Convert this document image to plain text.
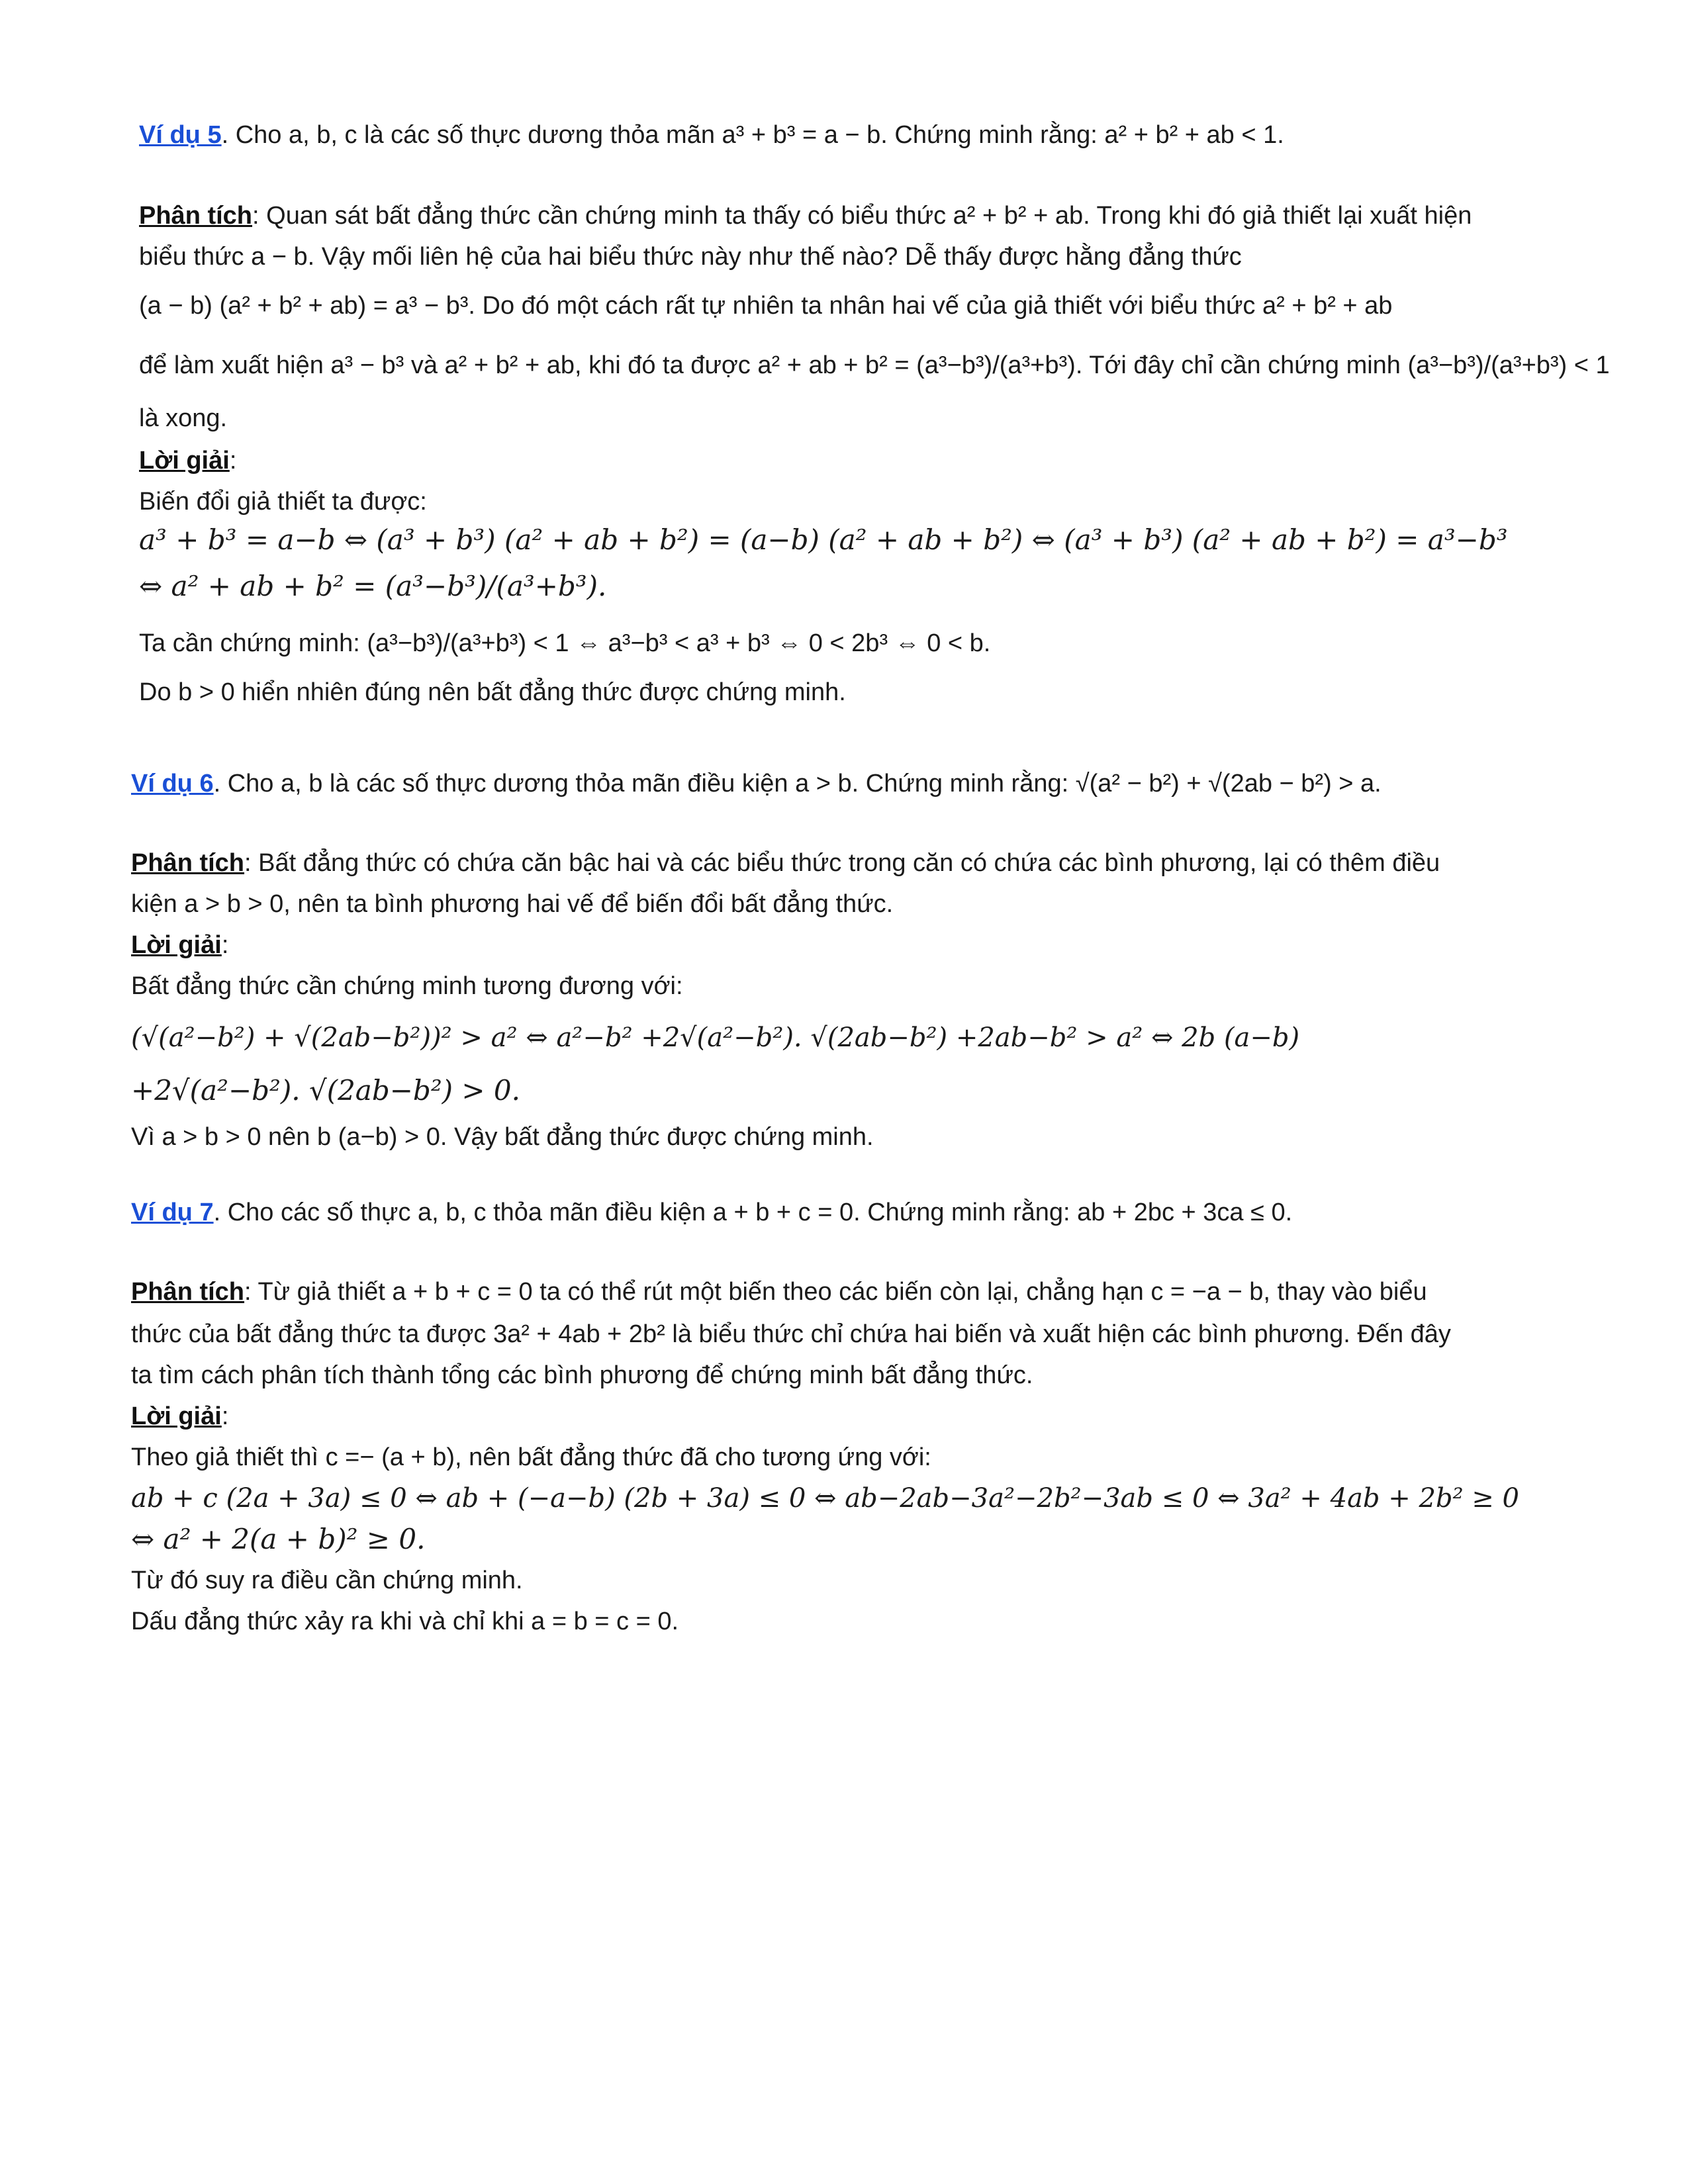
Ví dụ 5. Cho a, b, c là các số thực dương thỏa mãn a³ + b³ = a − b. Chứng minh rằng: a² + b² + ab < 1.
Phân tích: Quan sát bất đẳng thức cần chứng minh ta thấy có biểu thức a² + b² + ab. Trong khi đó giả thiết lại xuất hiện
biểu thức a − b. Vậy mối liên hệ của hai biểu thức này như thế nào? Dễ thấy được hằng đẳng thức
(a − b) (a² + b² + ab) = a³ − b³. Do đó một cách rất tự nhiên ta nhân hai vế của giả thiết với biểu thức a² + b² + ab
để làm xuất hiện a³ − b³ và a² + b² + ab, khi đó ta được a² + ab + b² = (a³−b³)/(a³+b³). Tới đây chỉ cần chứng minh (a³−b³)/(a³+b³) < 1
là xong.
Lời giải:
Biến đổi giả thiết ta được:
a³ + b³ = a−b ⇔ (a³ + b³) (a² + ab + b²) = (a−b) (a² + ab + b²) ⇔ (a³ + b³) (a² + ab + b²) = a³−b³
⇔ a² + ab + b² = (a³−b³)/(a³+b³).
Ta cần chứng minh: (a³−b³)/(a³+b³) < 1 ⇔ a³−b³ < a³ + b³ ⇔ 0 < 2b³ ⇔ 0 < b.
Do b > 0 hiển nhiên đúng nên bất đẳng thức được chứng minh.
Ví dụ 6. Cho a, b là các số thực dương thỏa mãn điều kiện a > b. Chứng minh rằng: √(a² − b²) + √(2ab − b²) > a.
Phân tích: Bất đẳng thức có chứa căn bậc hai và các biểu thức trong căn có chứa các bình phương, lại có thêm điều
kiện a > b > 0, nên ta bình phương hai vế để biến đổi bất đẳng thức.
Lời giải:
Bất đẳng thức cần chứng minh tương đương với:
(√(a²−b²) + √(2ab−b²))² > a² ⇔ a²−b² +2√(a²−b²). √(2ab−b²) +2ab−b² > a² ⇔ 2b (a−b)
+2√(a²−b²). √(2ab−b²) > 0.
Vì a > b > 0 nên b (a−b) > 0. Vậy bất đẳng thức được chứng minh.
Ví dụ 7. Cho các số thực a, b, c thỏa mãn điều kiện a + b + c = 0. Chứng minh rằng: ab + 2bc + 3ca ≤ 0.
Phân tích: Từ giả thiết a + b + c = 0 ta có thể rút một biến theo các biến còn lại, chẳng hạn c = −a − b, thay vào biểu
thức của bất đẳng thức ta được 3a² + 4ab + 2b² là biểu thức chỉ chứa hai biến và xuất hiện các bình phương. Đến đây
ta tìm cách phân tích thành tổng các bình phương để chứng minh bất đẳng thức.
Lời giải:
Theo giả thiết thì c =− (a + b), nên bất đẳng thức đã cho tương ứng với:
ab + c (2a + 3a) ≤ 0 ⇔ ab + (−a−b) (2b + 3a) ≤ 0 ⇔ ab−2ab−3a²−2b²−3ab ≤ 0 ⇔ 3a² + 4ab + 2b² ≥ 0
⇔ a² + 2(a + b)² ≥ 0.
Từ đó suy ra điều cần chứng minh.
Dấu đẳng thức xảy ra khi và chỉ khi a = b = c = 0.
